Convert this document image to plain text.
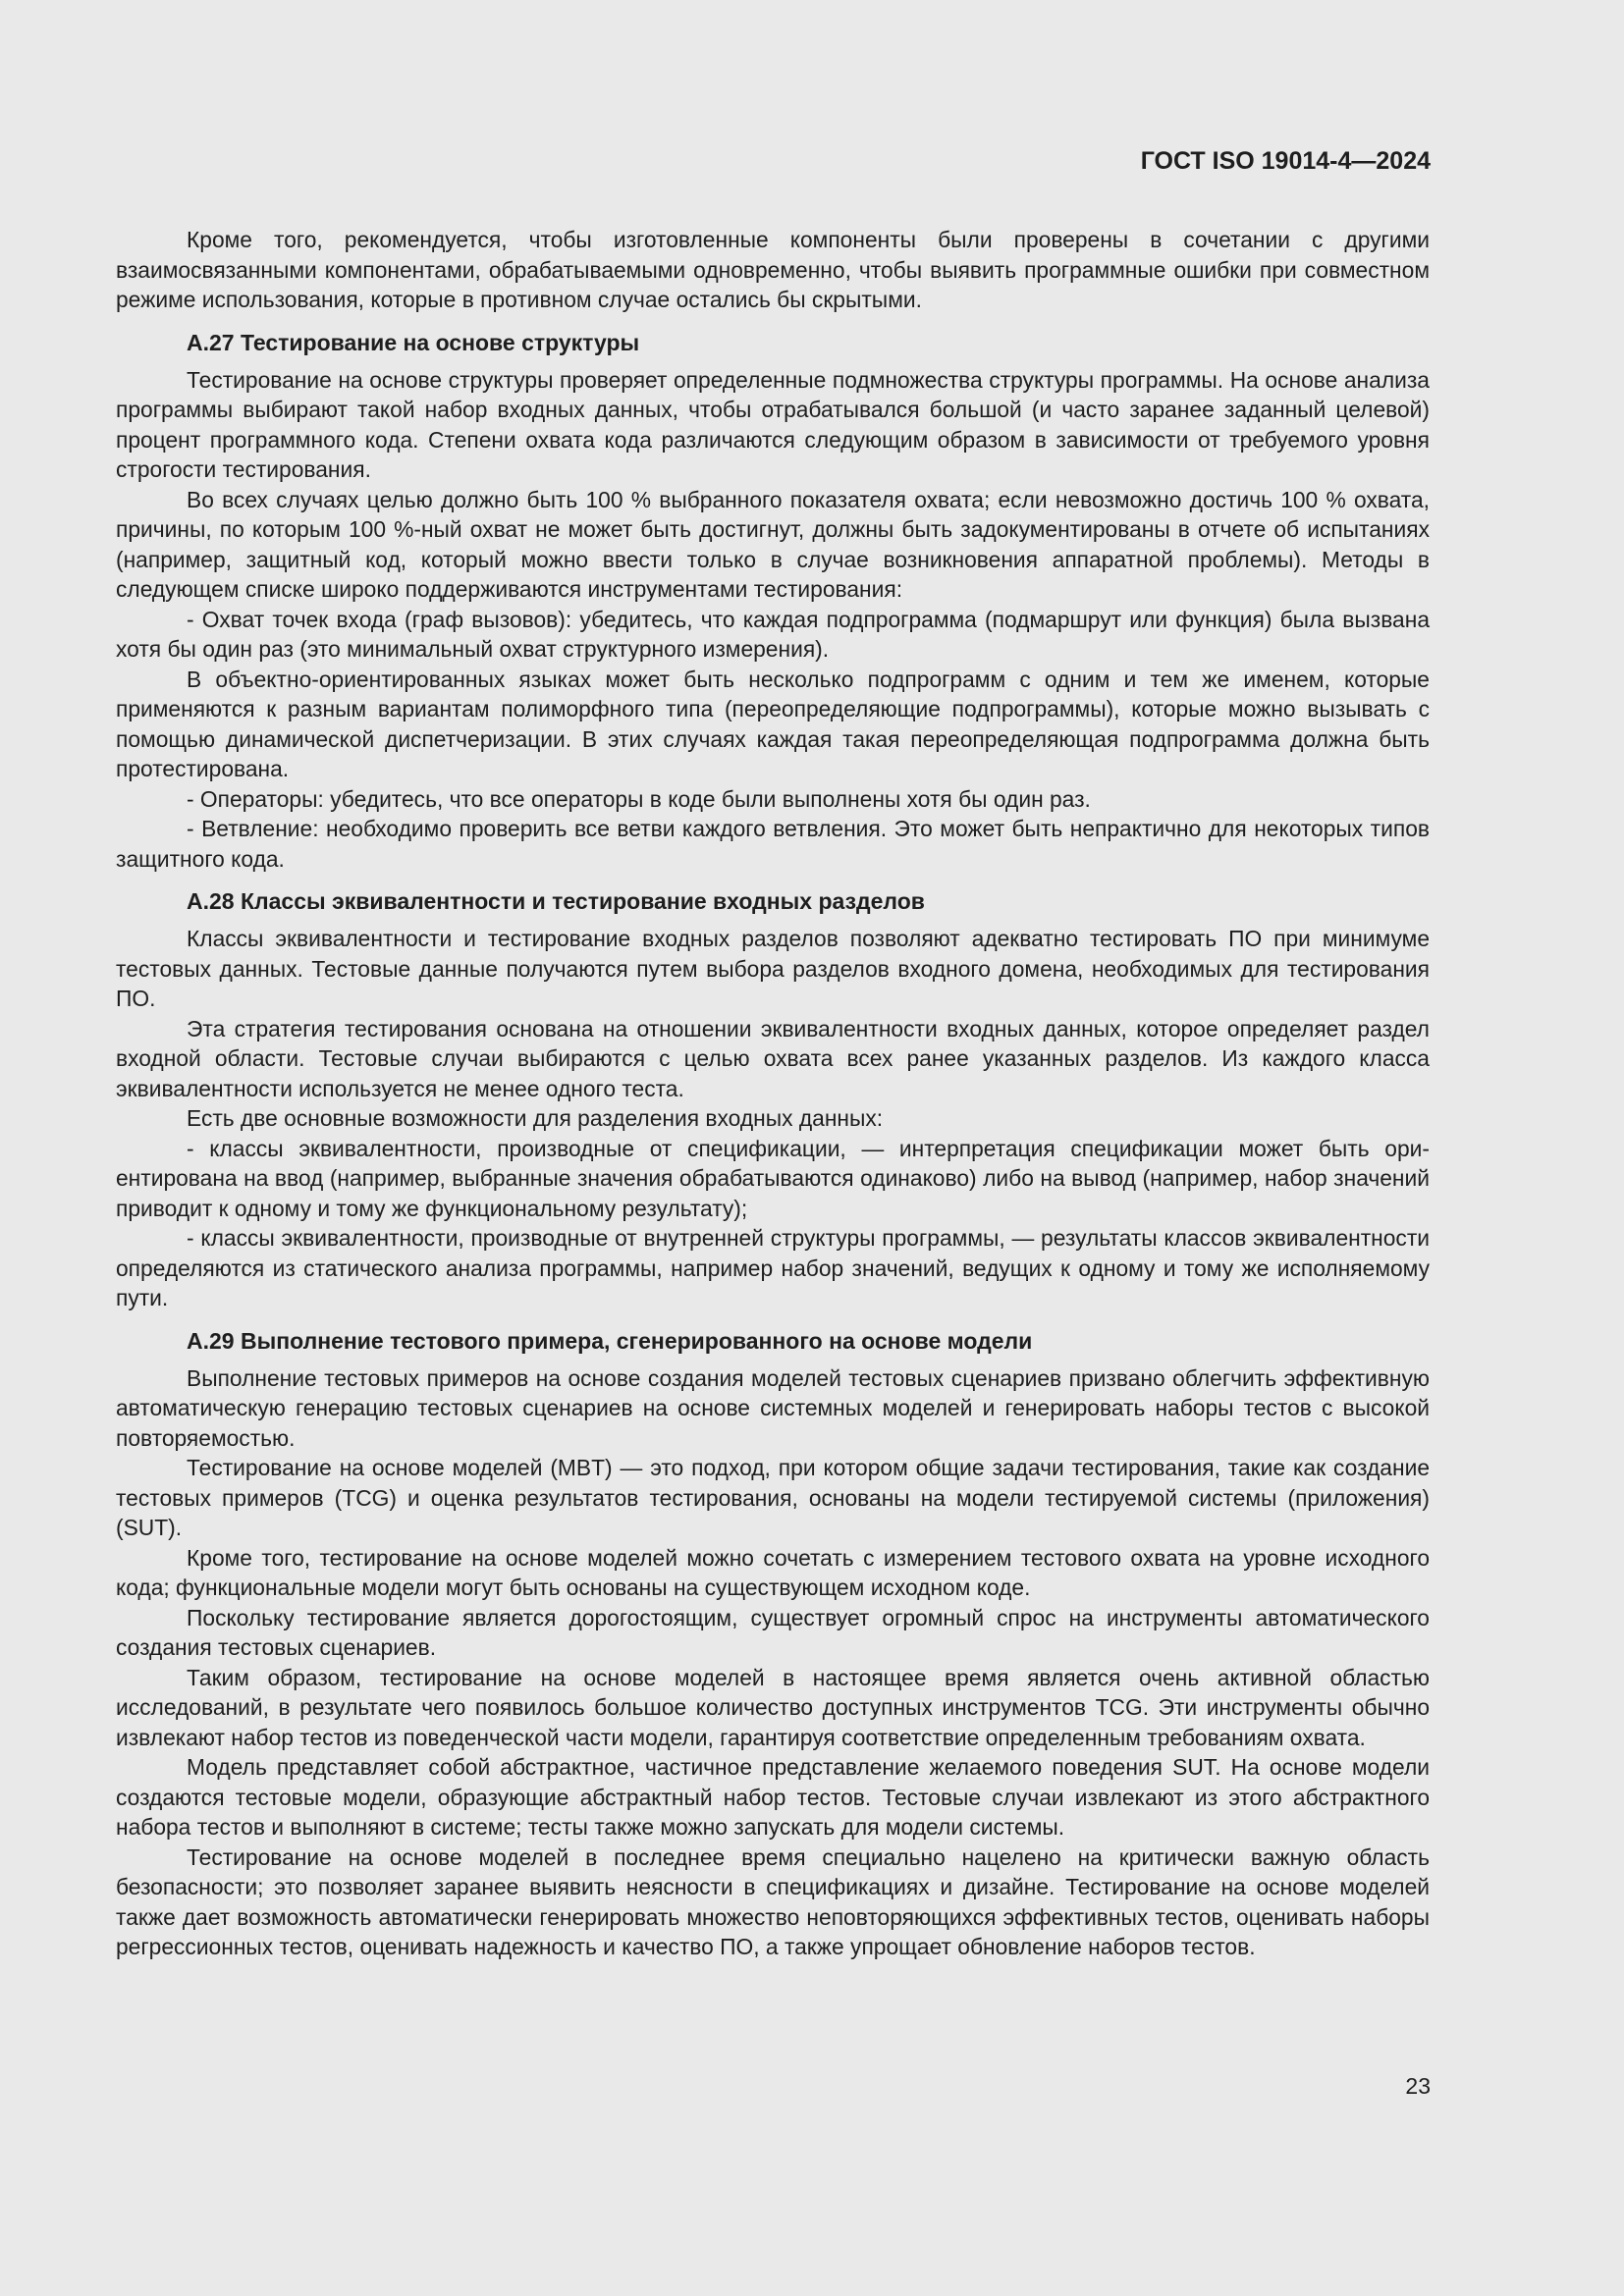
ГОСТ ISO 19014-4—2024

Кроме того, рекомендуется, чтобы изготовленные компоненты были проверены в сочетании с другими взаимосвязанными компонентами, обрабатываемыми одновременно, чтобы выявить программные ошибки при совместном режиме использования, которые в противном случае остались бы скрытыми.

A.27 Тестирование на основе структуры

Тестирование на основе структуры проверяет определенные подмножества структуры программы. На основе анализа программы выбирают такой набор входных данных, чтобы отрабатывался большой (и часто заранее заданный целевой) процент программного кода. Степени охвата кода различаются следующим образом в зависимости от требуемого уровня строгости тестирования.

Во всех случаях целью должно быть 100 % выбранного показателя охвата; если невозможно достичь 100 % охвата, причины, по которым 100 %-ный охват не может быть достигнут, должны быть задокументированы в отчете об испытаниях (например, защитный код, который можно ввести только в случае возникновения аппаратной проблемы). Методы в следующем списке широко поддерживаются инструментами тестирования:

- Охват точек входа (граф вызовов): убедитесь, что каждая подпрограмма (подмаршрут или функция) была вызвана хотя бы один раз (это минимальный охват структурного измерения).

В объектно-ориентированных языках может быть несколько подпрограмм с одним и тем же именем, которые применяются к разным вариантам полиморфного типа (переопределяющие подпрограммы), которые можно вызывать с помощью динамической диспетчеризации. В этих случаях каждая такая переопределяющая подпрограмма должна быть протестирована.

- Операторы: убедитесь, что все операторы в коде были выполнены хотя бы один раз.

- Ветвление: необходимо проверить все ветви каждого ветвления. Это может быть непрактично для некоторых типов защитного кода.

A.28 Классы эквивалентности и тестирование входных разделов

Классы эквивалентности и тестирование входных разделов позволяют адекватно тестировать ПО при минимуме тестовых данных. Тестовые данные получаются путем выбора разделов входного домена, необходимых для тестирования ПО.

Эта стратегия тестирования основана на отношении эквивалентности входных данных, которое определяет раздел входной области. Тестовые случаи выбираются с целью охвата всех ранее указанных разделов. Из каждого класса эквивалентности используется не менее одного теста.

Есть две основные возможности для разделения входных данных:

- классы эквивалентности, производные от спецификации, — интерпретация спецификации может быть ориентирована на ввод (например, выбранные значения обрабатываются одинаково) либо на вывод (например, набор значений приводит к одному и тому же функциональному результату);

- классы эквивалентности, производные от внутренней структуры программы, — результаты классов эквивалентности определяются из статического анализа программы, например набор значений, ведущих к одному и тому же исполняемому пути.

A.29 Выполнение тестового примера, сгенерированного на основе модели

Выполнение тестовых примеров на основе создания моделей тестовых сценариев призвано облегчить эффективную автоматическую генерацию тестовых сценариев на основе системных моделей и генерировать наборы тестов с высокой повторяемостью.

Тестирование на основе моделей (MBT) — это подход, при котором общие задачи тестирования, такие как создание тестовых примеров (TCG) и оценка результатов тестирования, основаны на модели тестируемой системы (приложения) (SUT).

Кроме того, тестирование на основе моделей можно сочетать с измерением тестового охвата на уровне исходного кода; функциональные модели могут быть основаны на существующем исходном коде.

Поскольку тестирование является дорогостоящим, существует огромный спрос на инструменты автоматического создания тестовых сценариев.

Таким образом, тестирование на основе моделей в настоящее время является очень активной областью исследований, в результате чего появилось большое количество доступных инструментов TCG. Эти инструменты обычно извлекают набор тестов из поведенческой части модели, гарантируя соответствие определенным требованиям охвата.

Модель представляет собой абстрактное, частичное представление желаемого поведения SUT. На основе модели создаются тестовые модели, образующие абстрактный набор тестов. Тестовые случаи извлекают из этого абстрактного набора тестов и выполняют в системе; тесты также можно запускать для модели системы.

Тестирование на основе моделей в последнее время специально нацелено на критически важную область безопасности; это позволяет заранее выявить неясности в спецификациях и дизайне. Тестирование на основе моделей также дает возможность автоматически генерировать множество неповторяющихся эффективных тестов, оценивать наборы регрессионных тестов, оценивать надежность и качество ПО, а также упрощает обновление наборов тестов.

23
